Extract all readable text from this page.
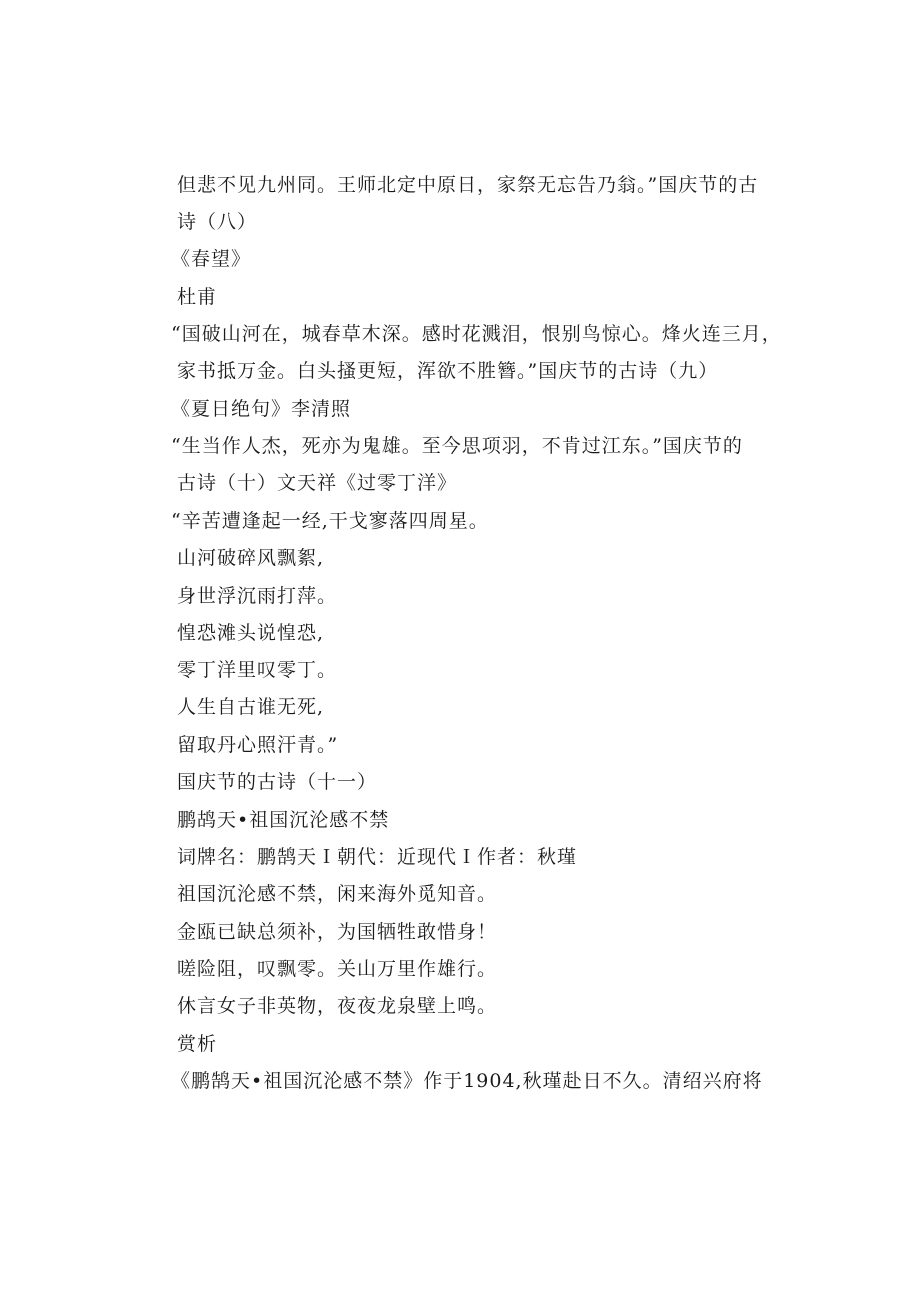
但悲不见九州同。王师北定中原日，家祭无忘告乃翁。”国庆节的古
诗（八）
《春望》
杜甫
“国破山河在，城春草木深。感时花溅泪，恨别鸟惊心。烽火连三月，
家书抵万金。白头搔更短，浑欲不胜簪。”国庆节的古诗（九）
《夏日绝句》李清照
“生当作人杰，死亦为鬼雄。至今思项羽，不肯过江东。”国庆节的
古诗（十）文天祥《过零丁洋》
“辛苦遭逢起一经,干戈寥落四周星。
山河破碎风飘絮,
身世浮沉雨打萍。
惶恐滩头说惶恐,
零丁洋里叹零丁。
人生自古谁无死,
留取丹心照汗青。”
国庆节的古诗（十一）
鹏鸪天•祖国沉沦感不禁
词牌名：鹏鹄天Ｉ朝代：近现代Ｉ作者：秋瑾
祖国沉沦感不禁，闲来海外觅知音。
金瓯已缺总须补，为国牺牲敢惜身！
嗟险阻，叹飘零。关山万里作雄行。
休言女子非英物，夜夜龙泉壁上鸣。
赏析
《鹏鹄天•祖国沉沦感不禁》作于1904,秋瑾赴日不久。清绍兴府将
